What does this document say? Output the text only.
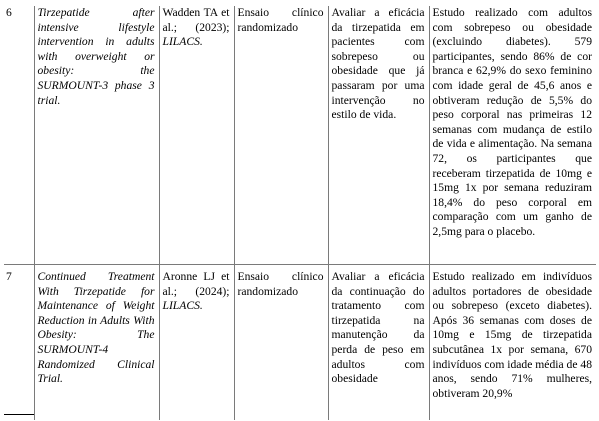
6	Tirzepatide after intensive lifestyle intervention in adults with overweight or obesity: the SURMOUNT-3 phase 3 trial.	Wadden TA et al.; (2023); LILACS.	Ensaio clínico randomizado	Avaliar a eficácia da tirzepatida em pacientes com sobrepeso ou obesidade que já passaram por uma intervenção no estilo de vida.	Estudo realizado com adultos com sobrepeso ou obesidade (excluindo diabetes). 579 participantes, sendo 86% de cor branca e 62,9% do sexo feminino com idade geral de 45,6 anos e obtiveram redução de 5,5% do peso corporal nas primeiras 12 semanas com mudança de estilo de vida e alimentação. Na semana 72, os participantes que receberam tirzepatida de 10mg e 15mg 1x por semana reduziram 18,4% do peso corporal em comparação com um ganho de 2,5mg para o placebo.
7	Continued Treatment With Tirzepatide for Maintenance of Weight Reduction in Adults With Obesity: The SURMOUNT-4 Randomized Clinical Trial.	Aronne LJ et al.; (2024); LILACS.	Ensaio clínico randomizado	Avaliar a eficácia da continuação do tratamento com tirzepatida na manutenção da perda de peso em adultos com obesidade	Estudo realizado em indivíduos adultos portadores de obesidade ou sobrepeso (exceto diabetes). Após 36 semanas com doses de 10mg e 15mg de tirzepatida subcutânea 1x por semana, 670 indivíduos com idade média de 48 anos, sendo 71% mulheres, obtiveram 20,9%
